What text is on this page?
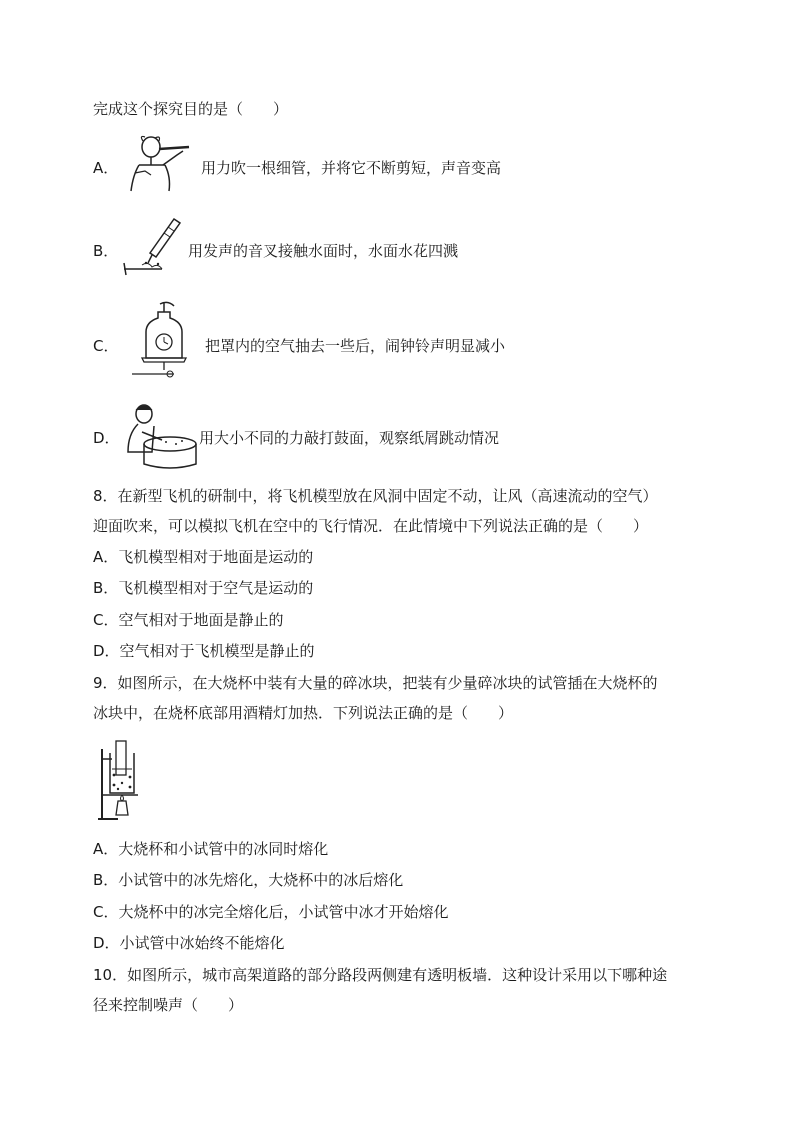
完成这个探究目的是（　　）
A．	用力吹一根细管，并将它不断剪短，声音变高
B．	用发声的音叉接触水面时，水面水花四溅
C．	把罩内的空气抽去一些后，闹钟铃声明显减小
D．	用大小不同的力敲打鼓面，观察纸屑跳动情况
8．在新型飞机的研制中，将飞机模型放在风洞中固定不动，让风（高速流动的空气）
迎面吹来，可以模拟飞机在空中的飞行情况．在此情境中下列说法正确的是（　　）
A．飞机模型相对于地面是运动的
B．飞机模型相对于空气是运动的
C．空气相对于地面是静止的
D．空气相对于飞机模型是静止的
9．如图所示，在大烧杯中装有大量的碎冰块，把装有少量碎冰块的试管插在大烧杯的
冰块中，在烧杯底部用酒精灯加热．下列说法正确的是（　　）
A．大烧杯和小试管中的冰同时熔化
B．小试管中的冰先熔化，大烧杯中的冰后熔化
C．大烧杯中的冰完全熔化后，小试管中冰才开始熔化
D．小试管中冰始终不能熔化
10．如图所示，城市高架道路的部分路段两侧建有透明板墙．这种设计采用以下哪种途
径来控制噪声（　　）
